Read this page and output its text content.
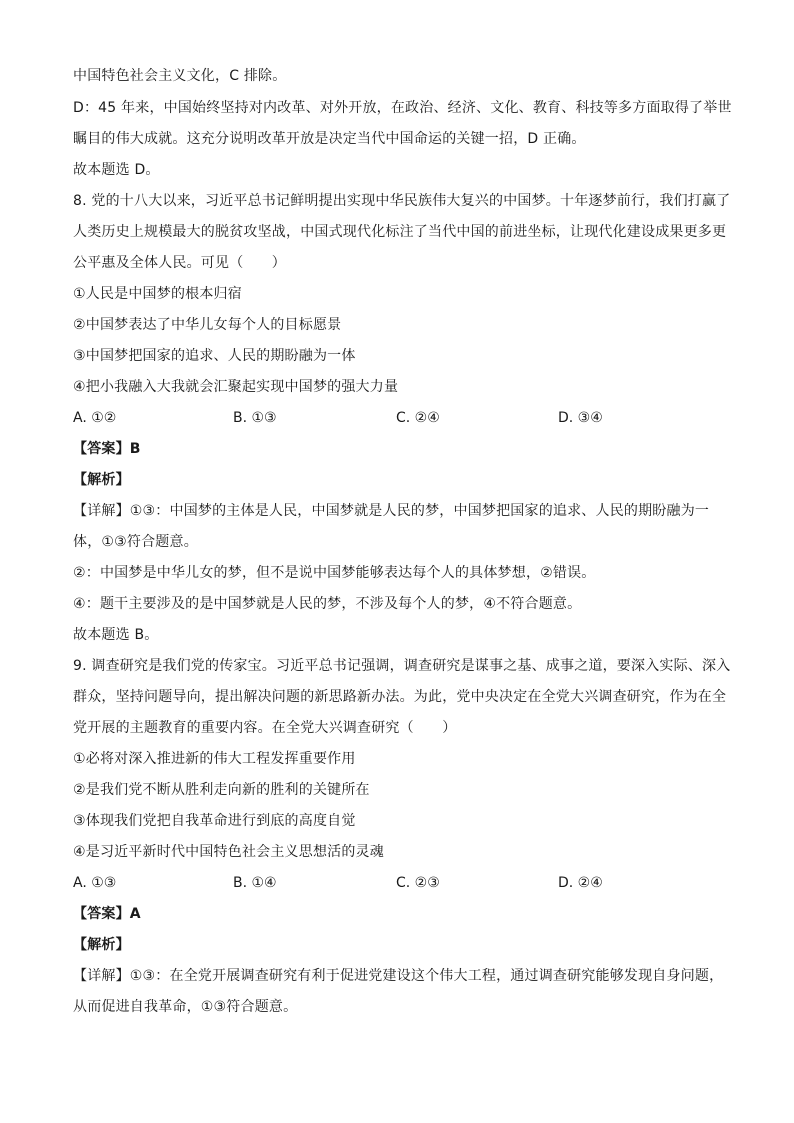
中国特色社会主义文化，C 排除。
D：45 年来，中国始终坚持对内改革、对外开放，在政治、经济、文化、教育、科技等多方面取得了举世
瞩目的伟大成就。这充分说明改革开放是决定当代中国命运的关键一招，D 正确。
故本题选 D。
8. 党的十八大以来，习近平总书记鲜明提出实现中华民族伟大复兴的中国梦。十年逐梦前行，我们打赢了
人类历史上规模最大的脱贫攻坚战，中国式现代化标注了当代中国的前进坐标，让现代化建设成果更多更
公平惠及全体人民。可见（　　）
①人民是中国梦的根本归宿
②中国梦表达了中华儿女每个人的目标愿景
③中国梦把国家的追求、人民的期盼融为一体
④把小我融入大我就会汇聚起实现中国梦的强大力量
A. ①②	B. ①③	C. ②④	D. ③④
【答案】B
【解析】
【详解】①③：中国梦的主体是人民，中国梦就是人民的梦，中国梦把国家的追求、人民的期盼融为一
体，①③符合题意。
②：中国梦是中华儿女的梦，但不是说中国梦能够表达每个人的具体梦想，②错误。
④：题干主要涉及的是中国梦就是人民的梦，不涉及每个人的梦，④不符合题意。
故本题选 B。
9. 调查研究是我们党的传家宝。习近平总书记强调，调查研究是谋事之基、成事之道，要深入实际、深入
群众，坚持问题导向，提出解决问题的新思路新办法。为此，党中央决定在全党大兴调查研究，作为在全
党开展的主题教育的重要内容。在全党大兴调查研究（　　）
①必将对深入推进新的伟大工程发挥重要作用
②是我们党不断从胜利走向新的胜利的关键所在
③体现我们党把自我革命进行到底的高度自觉
④是习近平新时代中国特色社会主义思想活的灵魂
A. ①③	B. ①④	C. ②③	D. ②④
【答案】A
【解析】
【详解】①③：在全党开展调查研究有利于促进党建设这个伟大工程，通过调查研究能够发现自身问题，
从而促进自我革命，①③符合题意。
